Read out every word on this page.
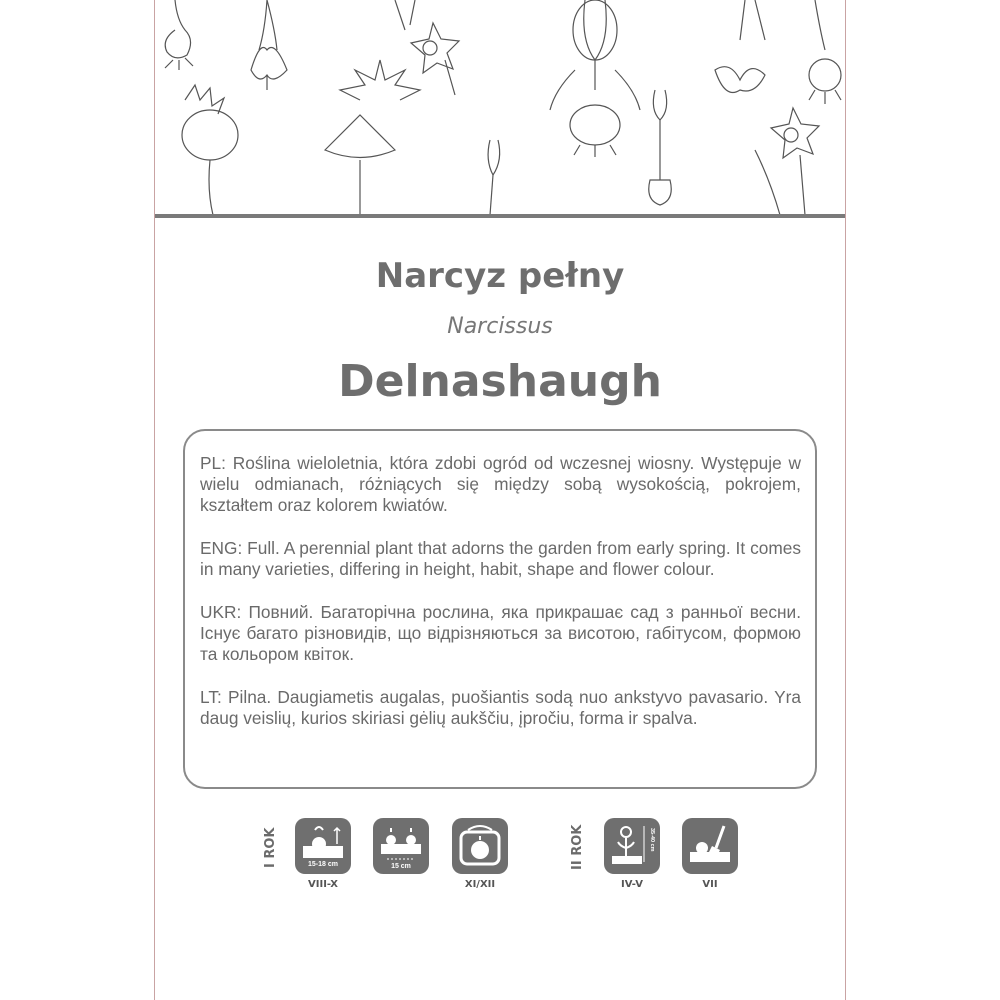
Narcyz pełny
Narcissus
Delnashaugh

PL: Roślina wieloletnia, która zdobi ogród od wczesnej wiosny. Występuje w wielu odmianach, różniących się między sobą wysokością, pokrojem, kształtem oraz kolorem kwiatów.

ENG: Full. A perennial plant that adorns the garden from early spring. It comes in many varieties, differing in height, habit, shape and flower colour.

UKR: Повний. Багаторічна рослина, яка прикрашає сад з ранньої весни. Існує багато різновидів, що відрізняються за висотою, габітусом, формою та кольором квіток.

LT: Pilna. Daugiametis augalas, puošiantis sodą nuo ankstyvo pavasario. Yra daug veislių, kurios skiriasi gėlių aukščiu, įpročiu, forma ir spalva.

I ROK	15-18 cm
VIII-X
15 cm
XI/XII
II ROK	35-40 cm
IV-V	VII
